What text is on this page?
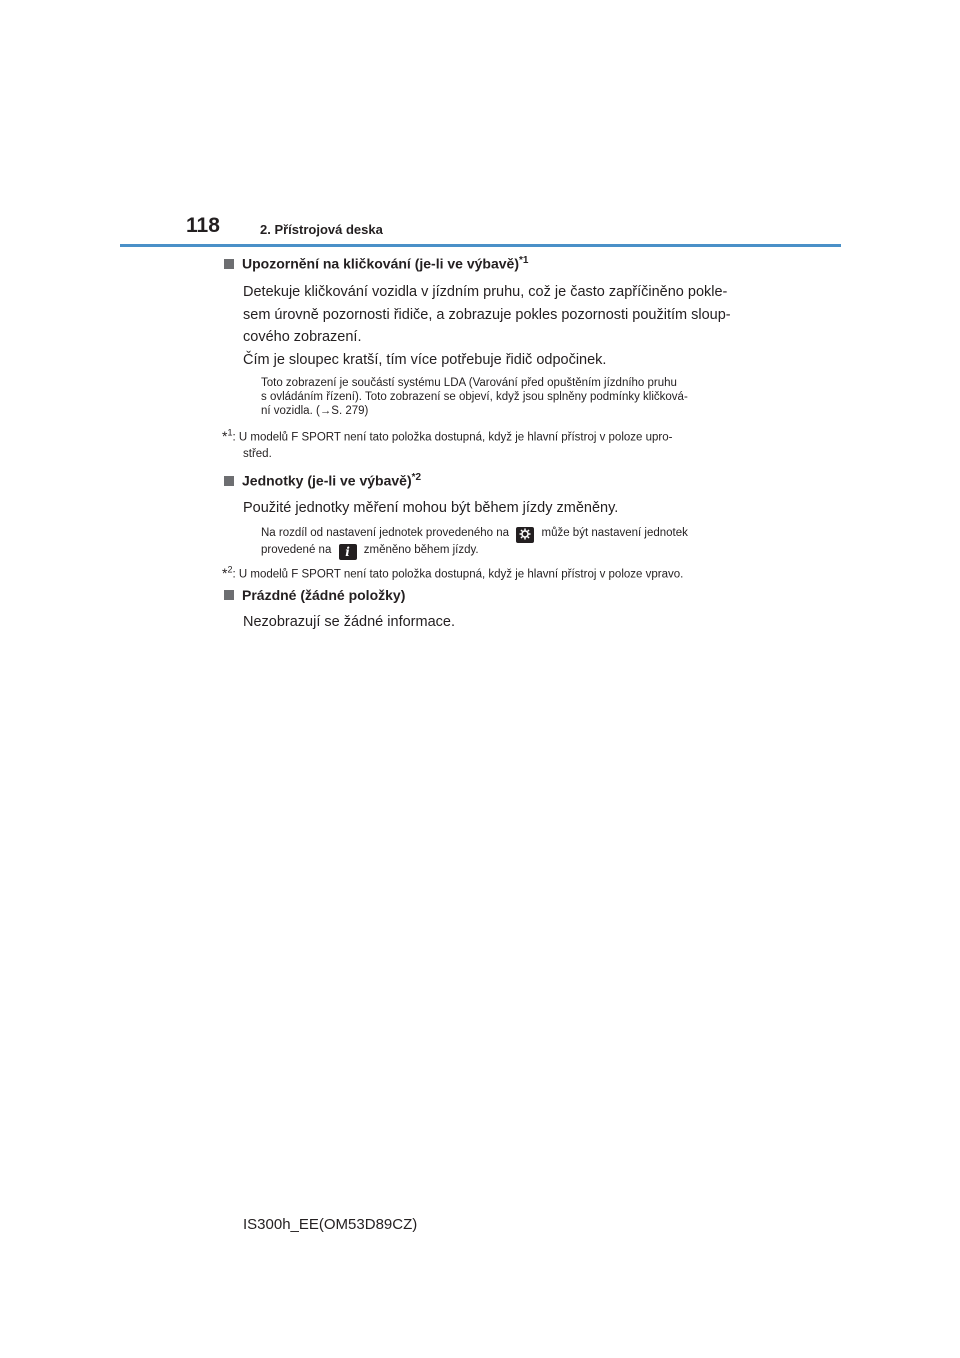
118	2. Přístrojová deska
Upozornění na kličkování (je-li ve výbavě)$^{*1}$

Detekuje kličkování vozidla v jízdním pruhu, což je často zapříčiněno pokle-

sem úrovně pozornosti řidiče, a zobrazuje pokles pozornosti použitím sloup-

cového zobrazení.

Čím je sloupec kratší, tím více potřebuje řidič odpočinek.

Toto zobrazení je součástí systému LDA (Varování před opuštěním jízdního pruhu
s ovládáním řízení). Toto zobrazení se objeví, když jsou splněny podmínky kličková-
ní vozidla. (→S. 279)
*$^1$: U modelů F SPORT není tato položka dostupná, když je hlavní přístroj v poloze upro-
střed.
Jednotky (je-li ve výbavě)$^{*2}$

Použité jednotky měření mohou být během jízdy změněny.

Na rozdíl od nastavení jednotek provedeného na	může být nastavení jednotek
provedené na i změněno během jízdy.
*$^2$: U modelů F SPORT není tato položka dostupná, když je hlavní přístroj v poloze vpravo.
Prázdné (žádné položky)

Nezobrazují se žádné informace.

IS300h_EE(OM53D89CZ)
